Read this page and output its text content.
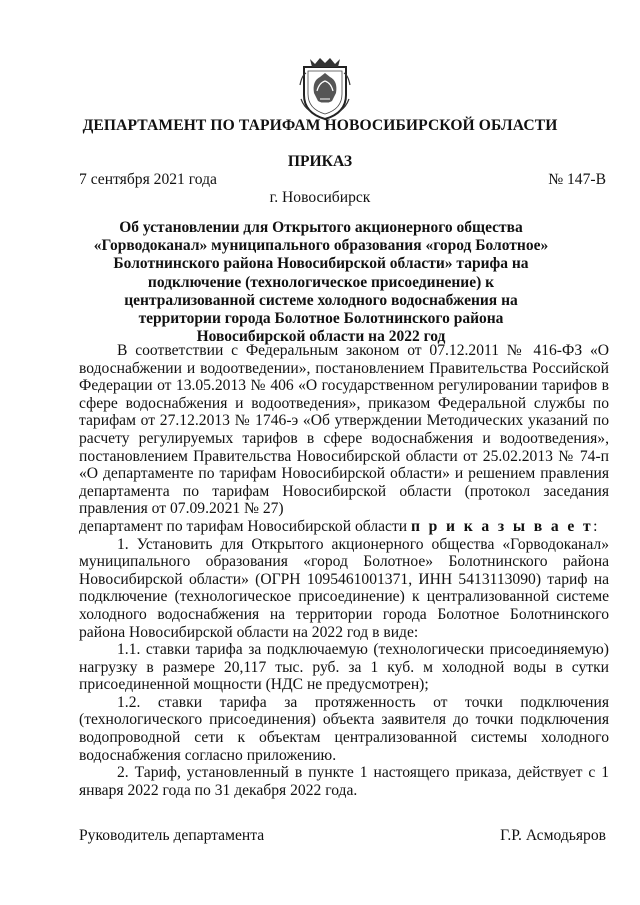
ДЕПАРТАМЕНТ ПО ТАРИФАМ НОВОСИБИРСКОЙ ОБЛАСТИ
ПРИКАЗ
7 сентября 2021 года	№ 147-В
г. Новосибирск
Об установлении для Открытого акционерного общества «Горводоканал» муниципального образования «город Болотное» Болотнинского района Новосибирской области» тарифа на подключение (технологическое присоединение) к централизованной системе холодного водоснабжения на территории города Болотное Болотнинского района Новосибирской области на 2022 год

В соответствии с Федеральным законом от 07.12.2011 № 416-ФЗ «О водоснабжении и водоотведении», постановлением Правительства Российской Федерации от 13.05.2013 № 406 «О государственном регулировании тарифов в сфере водоснабжения и водоотведения», приказом Федеральной службы по тарифам от 27.12.2013 № 1746-э «Об утверждении Методических указаний по расчету регулируемых тарифов в сфере водоснабжения и водоотведения», постановлением Правительства Новосибирской области от 25.02.2013 № 74-п «О департаменте по тарифам Новосибирской области» и решением правления департамента по тарифам Новосибирской области (протокол заседания правления от 07.09.2021 № 27)

департамент по тарифам Новосибирской области п р и к а з ы в а е т:

1. Установить для Открытого акционерного общества «Горводоканал» муниципального образования «город Болотное» Болотнинского района Новосибирской области» (ОГРН 1095461001371, ИНН 5413113090) тариф на подключение (технологическое присоединение) к централизованной системе холодного водоснабжения на территории города Болотное Болотнинского района Новосибирской области на 2022 год в виде:

1.1. ставки тарифа за подключаемую (технологически присоединяемую) нагрузку в размере 20,117 тыс. руб. за 1 куб. м холодной воды в сутки присоединенной мощности (НДС не предусмотрен);

1.2. ставки тарифа за протяженность от точки подключения (технологического присоединения) объекта заявителя до точки подключения водопроводной сети к объектам централизованной системы холодного водоснабжения согласно приложению.

2. Тариф, установленный в пункте 1 настоящего приказа, действует с 1 января 2022 года по 31 декабря 2022 года.

Руководитель департамента	Г.Р. Асмодьяров
